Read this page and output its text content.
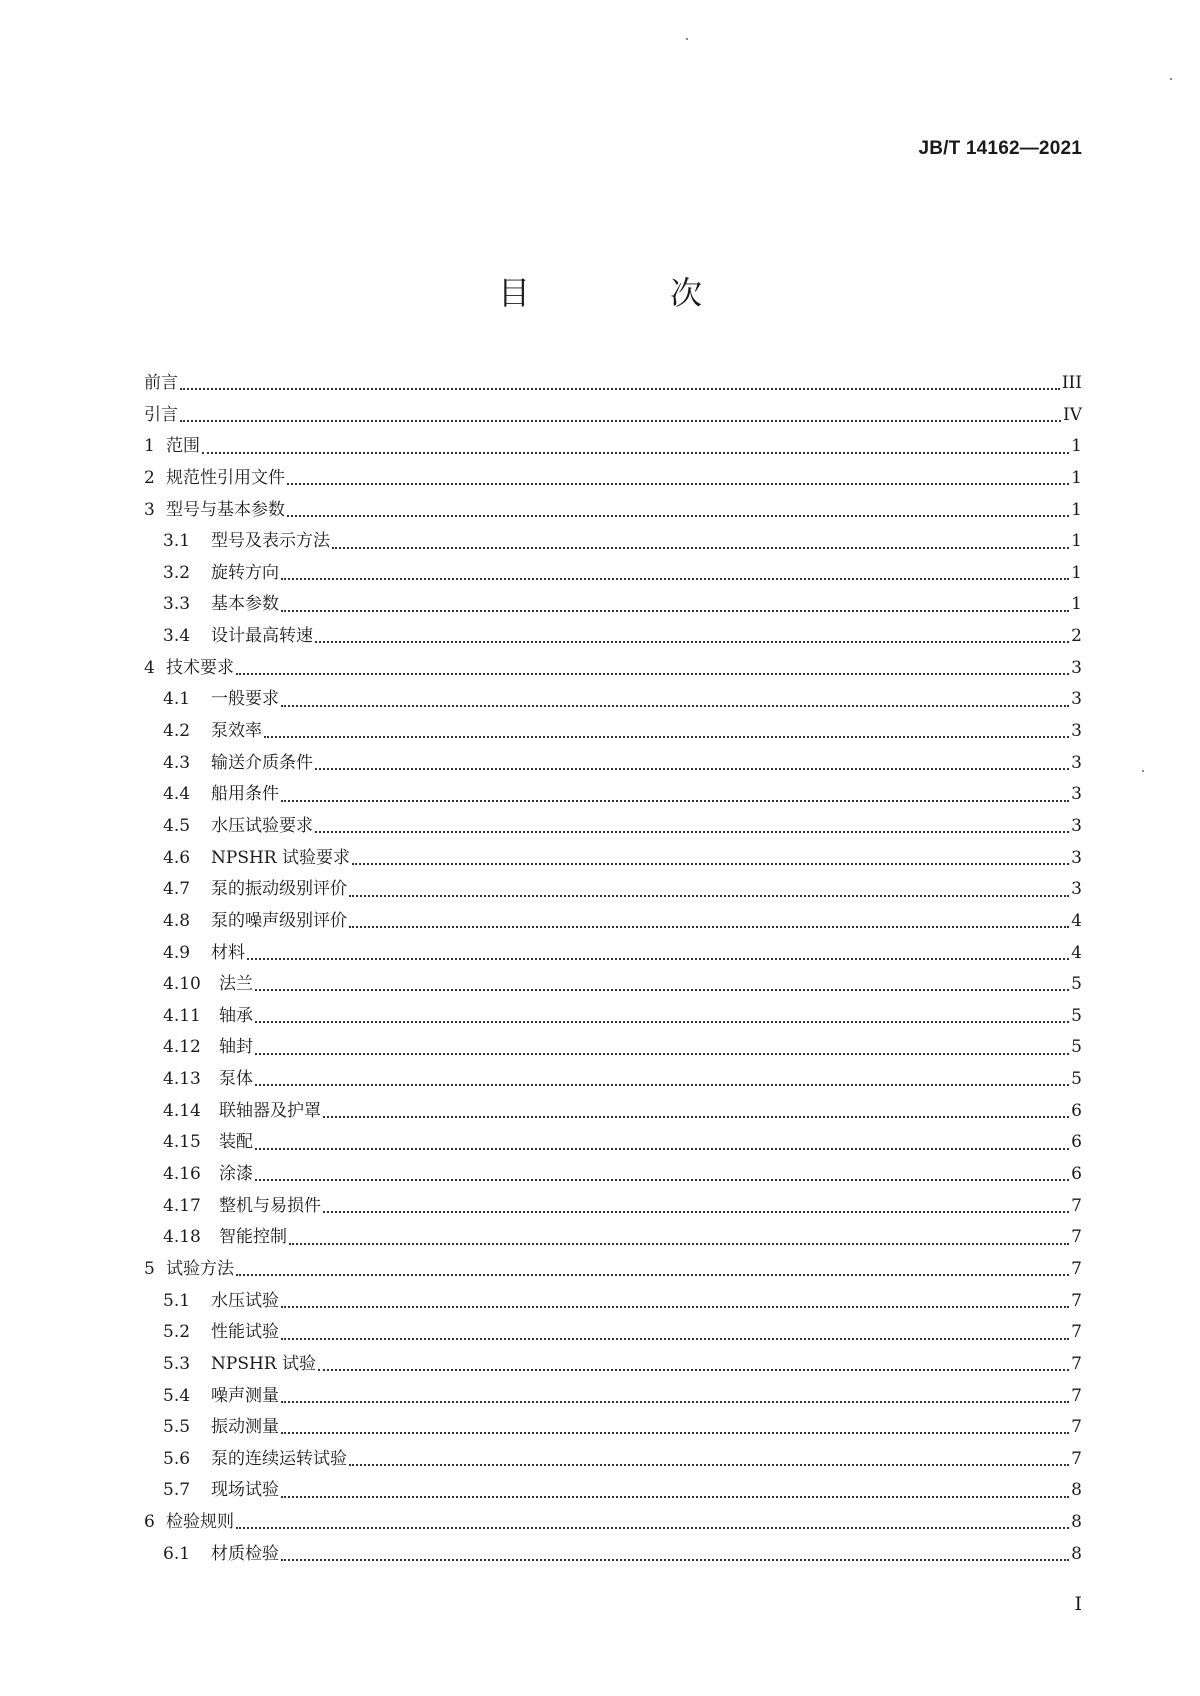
JB/T 14162—2021
目　次
前言	III
引言	IV
1 范围	1
2 规范性引用文件	1
3 型号与基本参数	1
3.1	型号及表示方法	1
3.2	旋转方向	1
3.3	基本参数	1
3.4	设计最高转速	2
4 技术要求	3
4.1	一般要求	3
4.2	泵效率	3
4.3	输送介质条件	3
4.4	船用条件	3
4.5	水压试验要求	3
4.6	NPSHR 试验要求	3
4.7	泵的振动级别评价	3
4.8	泵的噪声级别评价	4
4.9	材料	4
4.10	法兰	5
4.11	轴承	5
4.12	轴封	5
4.13	泵体	5
4.14	联轴器及护罩	6
4.15	装配	6
4.16	涂漆	6
4.17	整机与易损件	7
4.18	智能控制	7
5 试验方法	7
5.1	水压试验	7
5.2	性能试验	7
5.3	NPSHR 试验	7
5.4	噪声测量	7
5.5	振动测量	7
5.6	泵的连续运转试验	7
5.7	现场试验	8
6 检验规则	8
6.1	材质检验	8
I
